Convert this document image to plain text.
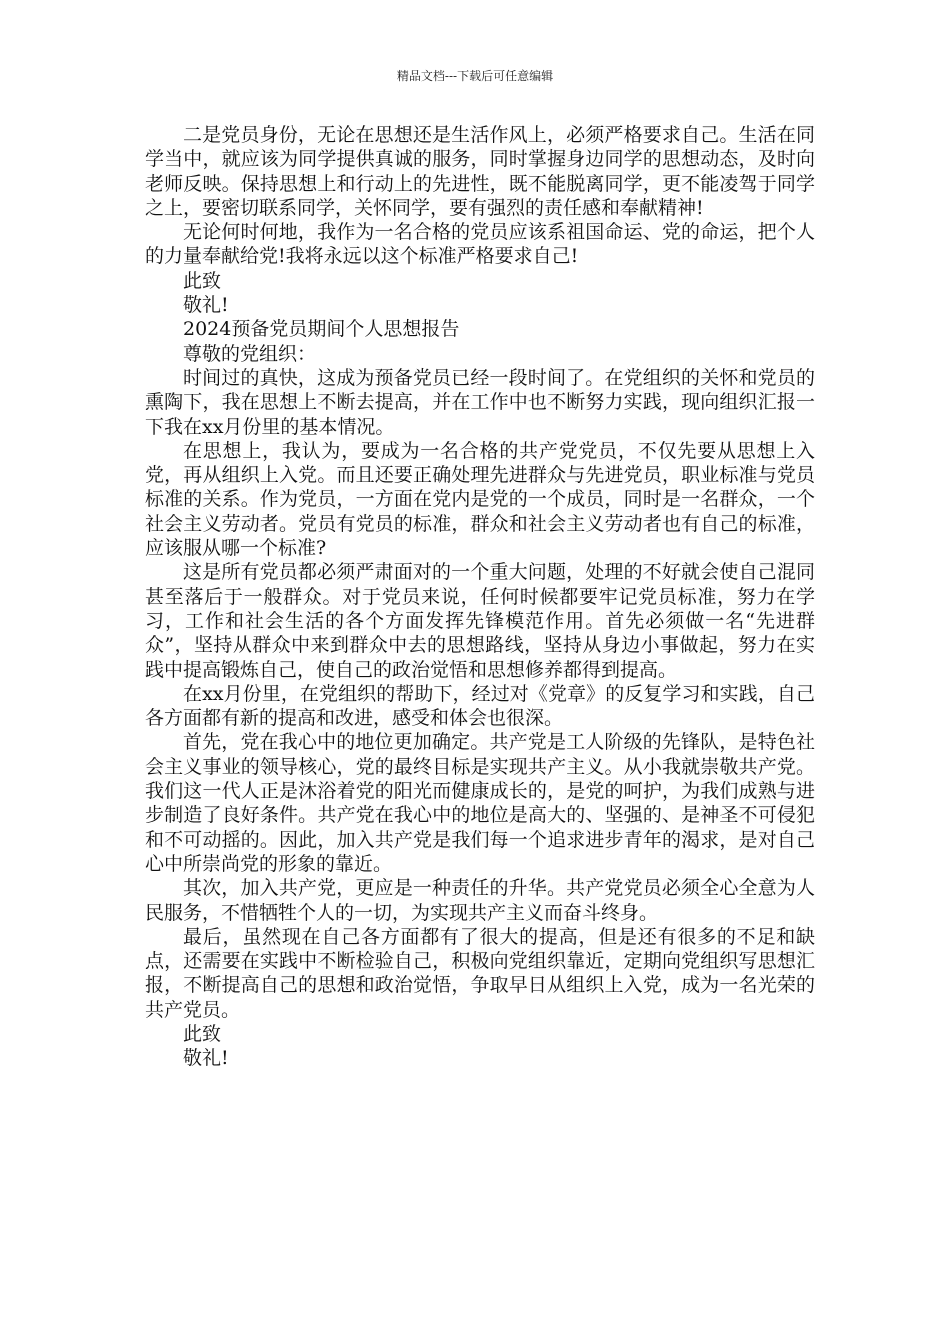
精品文档---下载后可任意编辑

二是党员身份，无论在思想还是生活作风上，必须严格要求自己。生活在同学当中，就应该为同学提供真诚的服务，同时掌握身边同学的思想动态，及时向老师反映。保持思想上和行动上的先进性，既不能脱离同学，更不能凌驾于同学之上，要密切联系同学，关怀同学，要有强烈的责任感和奉献精神!

无论何时何地，我作为一名合格的党员应该系祖国命运、党的命运，把个人的力量奉献给党!我将永远以这个标准严格要求自己!

此致

敬礼!

2024预备党员期间个人思想报告

尊敬的党组织：

时间过的真快，这成为预备党员已经一段时间了。在党组织的关怀和党员的熏陶下，我在思想上不断去提高，并在工作中也不断努力实践，现向组织汇报一下我在xx月份里的基本情况。

在思想上，我认为，要成为一名合格的共产党党员，不仅先要从思想上入党，再从组织上入党。而且还要正确处理先进群众与先进党员，职业标准与党员标准的关系。作为党员，一方面在党内是党的一个成员，同时是一名群众，一个社会主义劳动者。党员有党员的标准，群众和社会主义劳动者也有自己的标准，应该服从哪一个标准?

这是所有党员都必须严肃面对的一个重大问题，处理的不好就会使自己混同甚至落后于一般群众。对于党员来说，任何时候都要牢记党员标准，努力在学习，工作和社会生活的各个方面发挥先锋模范作用。首先必须做一名“先进群众”，坚持从群众中来到群众中去的思想路线，坚持从身边小事做起，努力在实践中提高锻炼自己，使自己的政治觉悟和思想修养都得到提高。

在xx月份里，在党组织的帮助下，经过对《党章》的反复学习和实践，自己各方面都有新的提高和改进，感受和体会也很深。

首先，党在我心中的地位更加确定。共产党是工人阶级的先锋队，是特色社会主义事业的领导核心，党的最终目标是实现共产主义。从小我就崇敬共产党。我们这一代人正是沐浴着党的阳光而健康成长的，是党的呵护，为我们成熟与进步制造了良好条件。共产党在我心中的地位是高大的、坚强的、是神圣不可侵犯和不可动摇的。因此，加入共产党是我们每一个追求进步青年的渴求，是对自己心中所崇尚党的形象的靠近。

其次，加入共产党，更应是一种责任的升华。共产党党员必须全心全意为人民服务，不惜牺牲个人的一切，为实现共产主义而奋斗终身。

最后，虽然现在自己各方面都有了很大的提高，但是还有很多的不足和缺点，还需要在实践中不断检验自己，积极向党组织靠近，定期向党组织写思想汇报，不断提高自己的思想和政治觉悟，争取早日从组织上入党，成为一名光荣的共产党员。

此致

敬礼!
